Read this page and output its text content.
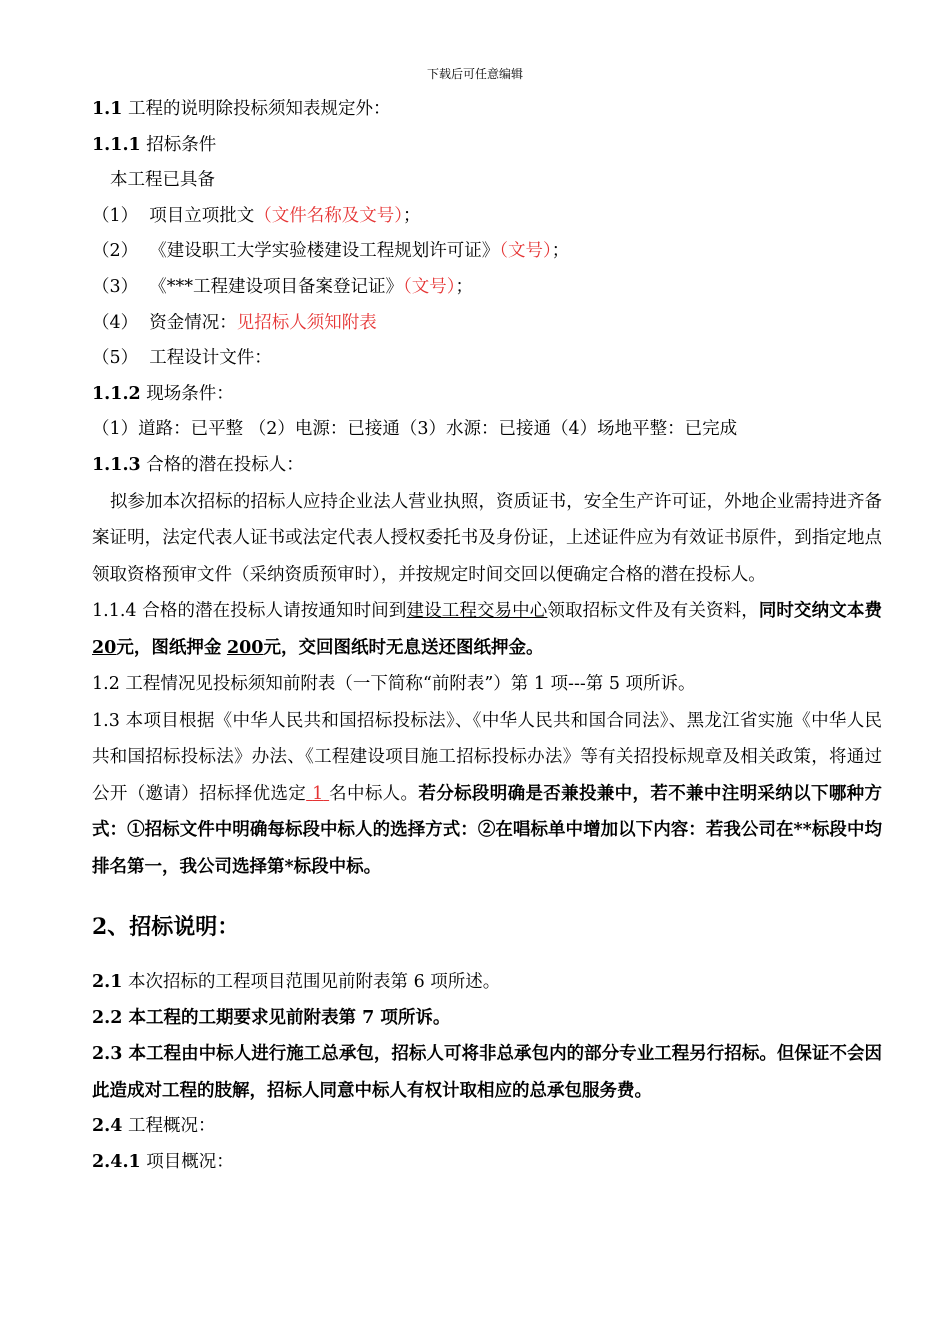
下载后可任意编辑
1.1 工程的说明除投标须知表规定外：
1.1.1 招标条件
本工程已具备
（1） 项目立项批文（文件名称及文号）；
（2） 《建设职工大学实验楼建设工程规划许可证》（文号）；
（3） 《***工程建设项目备案登记证》（文号）；
（4） 资金情况：见招标人须知附表
（5） 工程设计文件：
1.1.2 现场条件：
（1）道路：已平整 （2）电源：已接通（3）水源：已接通（4）场地平整：已完成
1.1.3 合格的潜在投标人：
拟参加本次招标的招标人应持企业法人营业执照，资质证书，安全生产许可证，外地企业需持进齐备案证明，法定代表人证书或法定代表人授权委托书及身份证，上述证件应为有效证书原件，到指定地点领取资格预审文件（采纳资质预审时），并按规定时间交回以便确定合格的潜在投标人。
1.1.4 合格的潜在投标人请按通知时间到建设工程交易中心领取招标文件及有关资料，同时交纳文本费 20元，图纸押金 200元，交回图纸时无息送还图纸押金。
1.2 工程情况见投标须知前附表（一下简称“前附表”）第 1 项---第 5 项所诉。
1.3 本项目根据《中华人民共和国招标投标法》、《中华人民共和国合同法》、黑龙江省实施《中华人民共和国招标投标法》办法、《工程建设项目施工招标投标办法》等有关招投标规章及相关政策，将通过公开（邀请）招标择优选定 1 名中标人。若分标段明确是否兼投兼中，若不兼中注明采纳以下哪种方式：①招标文件中明确每标段中标人的选择方式：②在唱标单中增加以下内容：若我公司在**标段中均排名第一，我公司选择第*标段中标。
2、招标说明：
2.1 本次招标的工程项目范围见前附表第 6 项所述。
2.2 本工程的工期要求见前附表第 7 项所诉。
2.3 本工程由中标人进行施工总承包，招标人可将非总承包内的部分专业工程另行招标。但保证不会因此造成对工程的肢解，招标人同意中标人有权计取相应的总承包服务费。
2.4 工程概况：
2.4.1 项目概况：
